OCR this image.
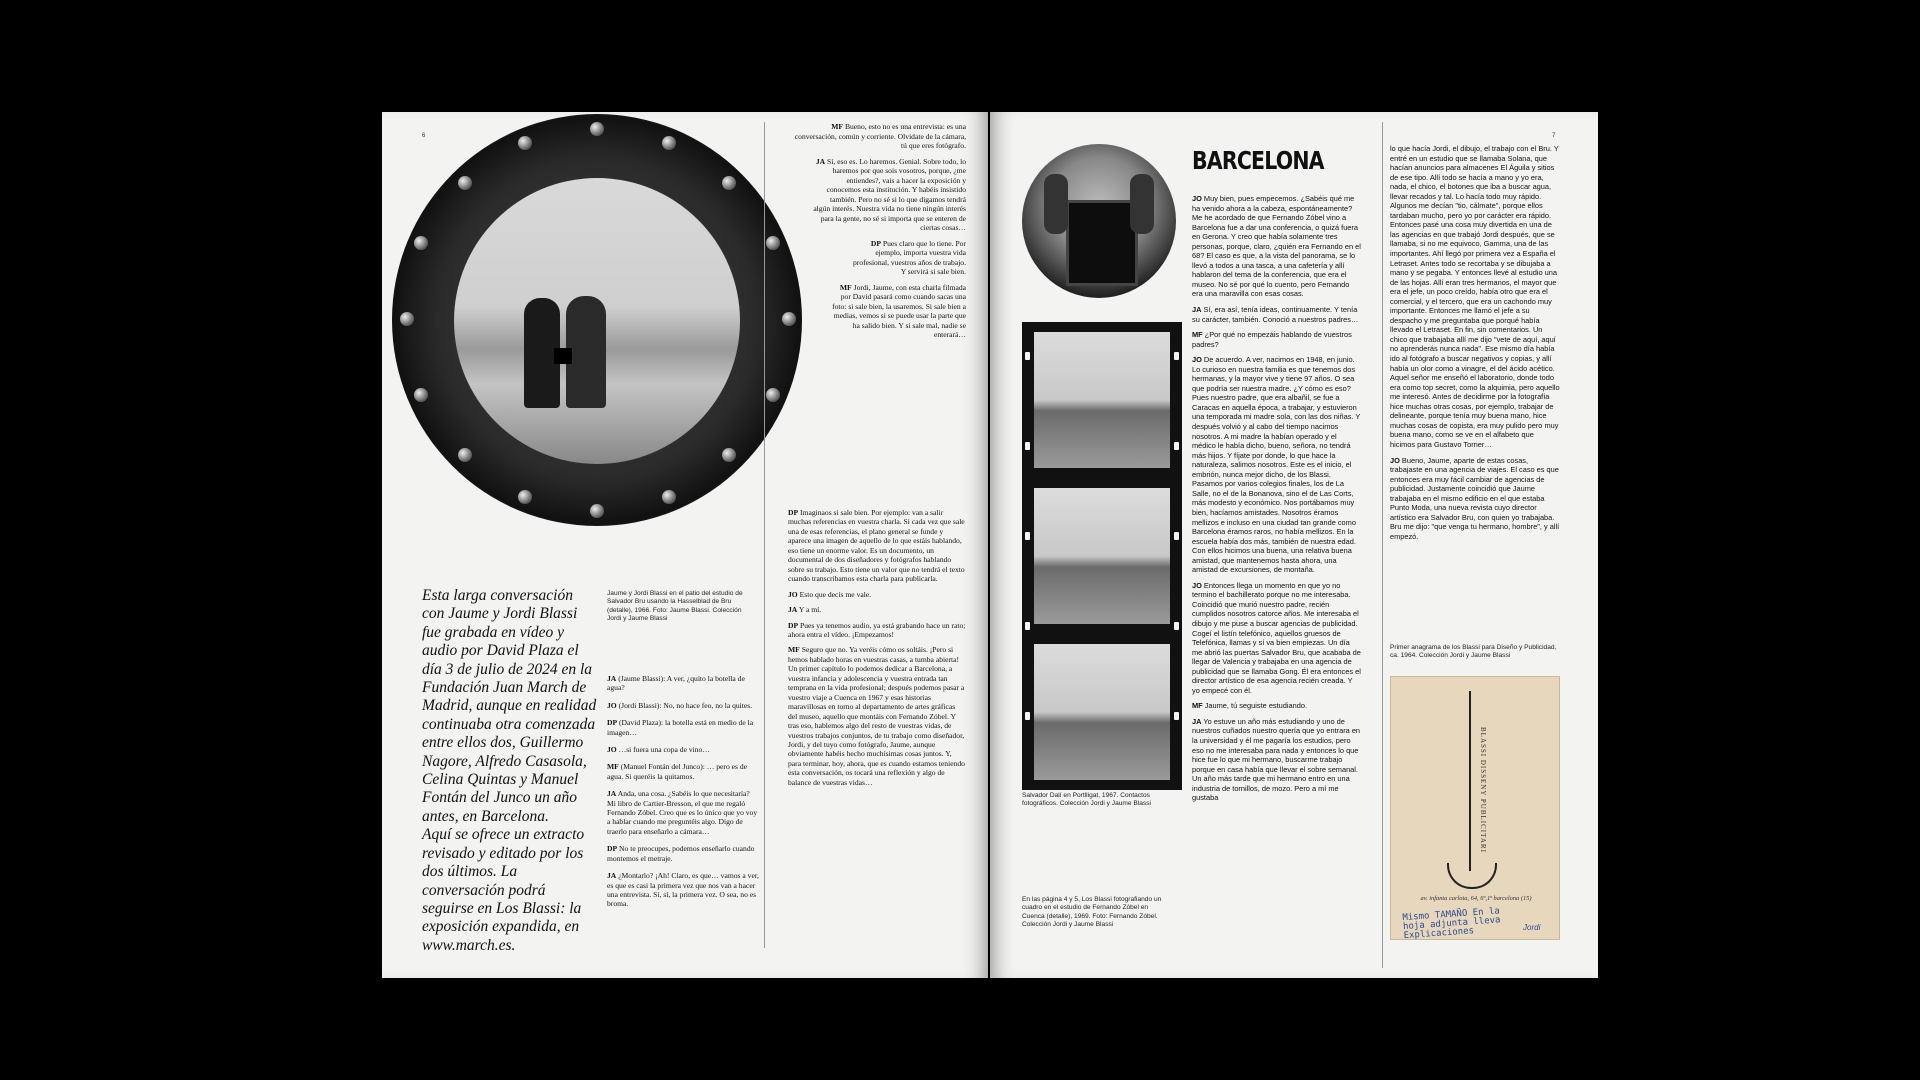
6

Esta larga conversación con Jaume y Jordi Blassi fue grabada en vídeo y audio por David Plaza el día 3 de julio de 2024 en la Fundación Juan March de Madrid, aunque en realidad continuaba otra comenzada entre ellos dos, Guillermo Nagore, Alfredo Casasola, Celina Quintas y Manuel Fontán del Junco un año antes, en Barcelona.

Aquí se ofrece un extracto revisado y editado por los dos últimos. La conversación podrá seguirse en Los Blassi: la exposición expandida, en www.march.es.

Jaume y Jordi Blassi en el patio del estudio de Salvador Bru usando la Hasselblad de Bru (detalle), 1966. Foto: Jaume Blassi. Colección Jordi y Jaume Blassi

JA (Jaume Blassi): A ver, ¿quito la botella de agua?

JO (Jordi Blassi): No, no hace feo, no la quites.

DP (David Plaza): la botella está en medio de la imagen…

JO …si fuera una copa de vino…

MF (Manuel Fontán del Junco): … pero es de agua. Si queréis la quitamos.

JA Anda, una cosa. ¿Sabéis lo que necesitaría? Mi libro de Cartier-Bresson, el que me regaló Fernando Zóbel. Creo que es lo único que yo voy a hablar cuando me preguntéis algo. Digo de traerlo para enseñarlo a cámara…

DP No te preocupes, podemos enseñarlo cuando montemos el metraje.

JA ¿Montarlo? ¡Ah! Claro, es que… vamos a ver, es que es casi la primera vez que nos van a hacer una entrevista. Sí, sí, la primera vez. O sea, no es broma.

MF Bueno, esto no es una entrevista: es una conversación, común y corriente. Olvidate de la cámara, tú que eres fotógrafo.

JA Sí, eso es. Lo haremos. Genial. Sobre todo, lo haremos por que sois vosotros, porque, ¿me entiendes?, vais a hacer la exposición y conocemos esta institución. Y habéis insistido también. Pero no sé si lo que digamos tendrá algún interés. Nuestra vida no tiene ningún interés para la gente, no sé si importa que se enteren de ciertas cosas…

DP Pues claro que lo tiene. Por ejemplo, importa vuestra vida profesional, vuestros años de trabajo. Y servirá si sale bien.

MF Jordi, Jaume, con esta charla filmada por David pasará como cuando sacas una foto: si sale bien, la usaremos. Si sale bien a medias, vemos si se puede usar la parte que ha salido bien. Y si sale mal, nadie se enterará…

DP Imaginaos si sale bien. Por ejemplo: van a salir muchas referencias en vuestra charla. Si cada vez que sale una de esas referencias, el plano general se funde y aparece una imagen de aquello de lo que estáis hablando, eso tiene un enorme valor. Es un documento, un documental de dos diseñadores y fotógrafos hablando sobre su trabajo. Esto tiene un valor que no tendrá el texto cuando transcribamos esta charla para publicarla.

JO Esto que decís me vale.

JA Y a mí.

DP Pues ya tenemos audio, ya está grabando hace un rato; ahora entra el vídeo. ¡Empezamos!

MF Seguro que no. Ya veréis cómo os soltáis. ¡Pero si hemos hablado horas en vuestras casas, a tumba abierta! Un primer capítulo lo podemos dedicar a Barcelona, a vuestra infancia y adolescencia y vuestra entrada tan temprana en la vida profesional; después podemos pasar a vuestro viaje a Cuenca en 1967 y esas historias maravillosas en torno al departamento de artes gráficas del museo, aquello que montáis con Fernando Zóbel. Y tras eso, hablemos algo del resto de vuestras vidas, de vuestros trabajos conjuntos, de tu trabajo como diseñador, Jordi, y del tuyo como fotógrafo, Jaume, aunque obviamente habéis hecho muchísimas cosas juntos. Y, para terminar, hoy, ahora, que es cuando estamos teniendo esta conversación, os tocará una reflexión y algo de balance de vuestras vidas…

7
Salvador Dalí en Portlligat, 1967. Contactos fotográficos. Colección Jordi y Jaume Blassi
En las página 4 y 5, Los Blassi fotografiando un cuadro en el estudio de Fernando Zóbel en Cuenca (detalle), 1969. Foto: Fernando Zóbel. Colección Jordi y Jaume Blassi
BARCELONA

JO Muy bien, pues empecemos. ¿Sabéis qué me ha venido ahora a la cabeza, espontáneamente? Me he acordado de que Fernando Zóbel vino a Barcelona fue a dar una conferencia, o quizá fuera en Gerona. Y creo que había solamente tres personas, porque, claro, ¿quién era Fernando en el 68? El caso es que, a la vista del panorama, se lo llevó a todos a una tasca, a una cafetería y allí hablaron del tema de la conferencia, que era el museo. No sé por qué lo cuento, pero Fernando era una maravilla con esas cosas.

JA Sí, era así, tenía ideas, continuamente. Y tenía su carácter, también. Conoció a nuestros padres…

MF ¿Por qué no empezáis hablando de vuestros padres?

JO De acuerdo. A ver, nacimos en 1948, en junio. Lo curioso en nuestra familia es que tenemos dos hermanas, y la mayor vive y tiene 97 años. O sea que podría ser nuestra madre. ¿Y cómo es eso? Pues nuestro padre, que era albañil, se fue a Caracas en aquella época, a trabajar, y estuvieron una temporada mi madre sola, con las dos niñas. Y después volvió y al cabo del tiempo nacimos nosotros. A mi madre la habían operado y el médico le había dicho, bueno, señora, no tendrá más hijos. Y fíjate por donde, lo que hace la naturaleza, salimos nosotros. Este es el inicio, el embrión, nunca mejor dicho, de los Blassi. Pasamos por varios colegios finales, los de La Salle, no el de la Bonanova, sino el de Las Corts, más modesto y económico. Nos portábamos muy bien, hacíamos amistades. Nosotros éramos mellizos e incluso en una ciudad tan grande como Barcelona éramos raros, no había mellizos. En la escuela había dos más, también de nuestra edad. Con ellos hicimos una buena, una relativa buena amistad, que mantenemos hasta ahora, una amistad de excursiones, de montaña.

JO Entonces llega un momento en que yo no termino el bachillerato porque no me interesaba. Coincidió que murió nuestro padre, recién cumplidos nosotros catorce años. Me interesaba el dibujo y me puse a buscar agencias de publicidad. Cogeí el listín telefónico, aquellos gruesos de Telefónica, llamas y sí va bien empiezas. Un día me abrió las puertas Salvador Bru, que acababa de llegar de Valencia y trabajaba en una agencia de publicidad que se llamaba Gong. Él era entonces el director artístico de esa agencia recién creada. Y yo empecé con él.

MF Jaume, tú seguiste estudiando.

JA Yo estuve un año más estudiando y uno de nuestros cuñados nuestro quería que yo entrara en la universidad y él me pagaría los estudios, pero eso no me interesaba para nada y entonces lo que hice fue lo que mi hermano, buscarme trabajo porque en casa había que llevar el sobre semanal. Un año más tarde que mi hermano entro en una industria de tornillos, de mozo. Pero a mí me gustaba

lo que hacía Jordi, el dibujo, el trabajo con el Bru. Y entré en un estudio que se llamaba Solana, que hacían anuncios para almacenes El Águila y sitios de ese tipo. Allí todo se hacía a mano y yo era, nada, el chico, el botones que iba a buscar agua, llevar recados y tal. Lo hacía todo muy rápido. Algunos me decían "tio, cálmate", porque ellos tardaban mucho, pero yo por carácter era rápido. Entonces pasé una cosa muy divertida en una de las agencias en que trabajó Jordi después, que se llamaba, si no me equivoco, Gamma, una de las importantes. Ahí llegó por primera vez a España el Letraset. Antes todo se recortaba y se dibujaba a mano y se pegaba. Y entonces llevé al estudio una de las hojas. Allí eran tres hermanos, el mayor que era el jefe, un poco creído, había otro que era el comercial, y el tercero, que era un cachondo muy importante. Entonces me llamó el jefe a su despacho y me preguntaba que porqué había llevado el Letraset. En fin, sin comentarios. Un chico que trabajaba allí me dijo "vete de aquí, aquí no aprenderás nunca nada". Ese mismo día había ido al fotógrafo a buscar negativos y copias, y allí había un olor como a vinagre, el del ácido acético. Aquel señor me enseñó el laboratorio, donde todo era como top secret, como la alquimia, pero aquello me interesó. Antes de decidirme por la fotografía hice muchas otras cosas, por ejemplo, trabajar de delineante, porque tenía muy buena mano, hice muchas cosas de copista, era muy pulido pero muy buena mano, como se ve en el alfabeto que hicimos para Gustavo Torner…

JO Bueno, Jaume, aparte de estas cosas, trabajaste en una agencia de viajes. El caso es que entonces era muy fácil cambiar de agencias de publicidad. Justamente coincidió que Jaume trabajaba en el mismo edificio en el que estaba Punto Moda, una nueva revista cuyo director artístico era Salvador Bru, con quien yo trabajaba. Bru me dijo: "que venga tu hermano, hombre", y allí empezó.

Primer anagrama de los Blassi para Diseño y Publicidad, ca. 1964. Colección Jordi y Jaume Blassi
BLASSI DISSENY PUBLICITARI
av. infanta carlota, 64, 6º,1ª barcelona (15)
Mismo TAMAÑO En la hoja adjunta lleva Explicaciones	Jordi
